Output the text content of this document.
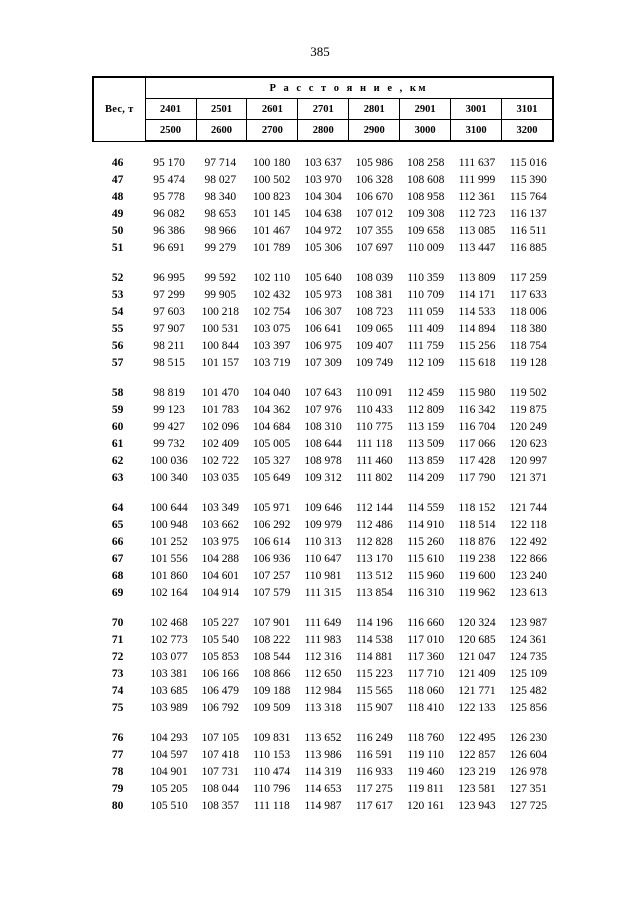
385
Вес, т	Р а с с т о я н и е , км							
	2401	2501	2601	2701	2801	2901	3001	3101
	2500	2600	2700	2800	2900	3000	3100	3200

46	95 170	97 714	100 180	103 637	105 986	108 258	111 637	115 016
47	95 474	98 027	100 502	103 970	106 328	108 608	111 999	115 390
48	95 778	98 340	100 823	104 304	106 670	108 958	112 361	115 764
49	96 082	98 653	101 145	104 638	107 012	109 308	112 723	116 137
50	96 386	98 966	101 467	104 972	107 355	109 658	113 085	116 511
51	96 691	99 279	101 789	105 306	107 697	110 009	113 447	116 885

52	96 995	99 592	102 110	105 640	108 039	110 359	113 809	117 259
53	97 299	99 905	102 432	105 973	108 381	110 709	114 171	117 633
54	97 603	100 218	102 754	106 307	108 723	111 059	114 533	118 006
55	97 907	100 531	103 075	106 641	109 065	111 409	114 894	118 380
56	98 211	100 844	103 397	106 975	109 407	111 759	115 256	118 754
57	98 515	101 157	103 719	107 309	109 749	112 109	115 618	119 128

58	98 819	101 470	104 040	107 643	110 091	112 459	115 980	119 502
59	99 123	101 783	104 362	107 976	110 433	112 809	116 342	119 875
60	99 427	102 096	104 684	108 310	110 775	113 159	116 704	120 249
61	99 732	102 409	105 005	108 644	111 118	113 509	117 066	120 623
62	100 036	102 722	105 327	108 978	111 460	113 859	117 428	120 997
63	100 340	103 035	105 649	109 312	111 802	114 209	117 790	121 371

64	100 644	103 349	105 971	109 646	112 144	114 559	118 152	121 744
65	100 948	103 662	106 292	109 979	112 486	114 910	118 514	122 118
66	101 252	103 975	106 614	110 313	112 828	115 260	118 876	122 492
67	101 556	104 288	106 936	110 647	113 170	115 610	119 238	122 866
68	101 860	104 601	107 257	110 981	113 512	115 960	119 600	123 240
69	102 164	104 914	107 579	111 315	113 854	116 310	119 962	123 613

70	102 468	105 227	107 901	111 649	114 196	116 660	120 324	123 987
71	102 773	105 540	108 222	111 983	114 538	117 010	120 685	124 361
72	103 077	105 853	108 544	112 316	114 881	117 360	121 047	124 735
73	103 381	106 166	108 866	112 650	115 223	117 710	121 409	125 109
74	103 685	106 479	109 188	112 984	115 565	118 060	121 771	125 482
75	103 989	106 792	109 509	113 318	115 907	118 410	122 133	125 856

76	104 293	107 105	109 831	113 652	116 249	118 760	122 495	126 230
77	104 597	107 418	110 153	113 986	116 591	119 110	122 857	126 604
78	104 901	107 731	110 474	114 319	116 933	119 460	123 219	126 978
79	105 205	108 044	110 796	114 653	117 275	119 811	123 581	127 351
80	105 510	108 357	111 118	114 987	117 617	120 161	123 943	127 725
